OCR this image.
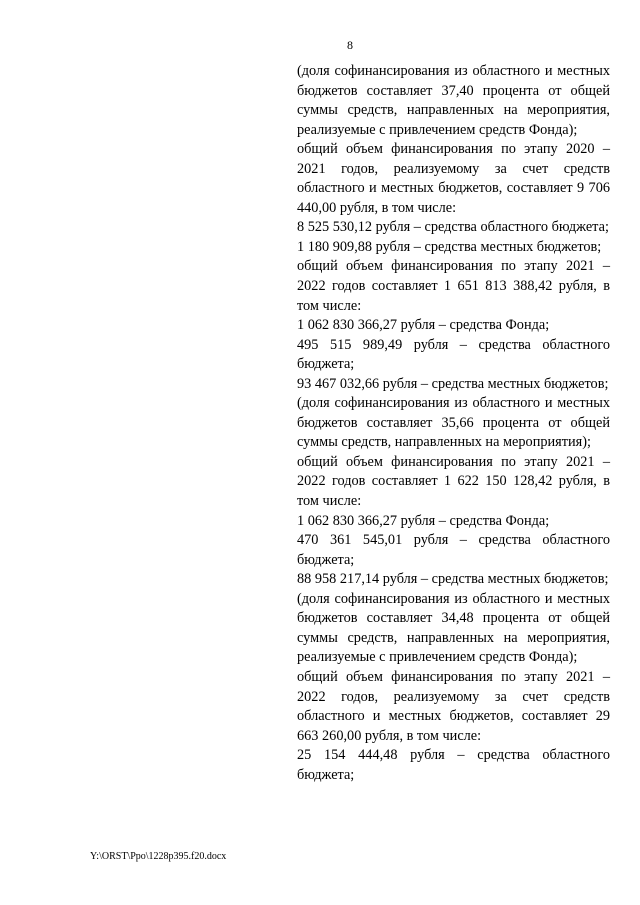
8

(доля софинансирования из областного и местных бюджетов составляет 37,40 процента от общей суммы средств, направленных на мероприятия, реализуемые с привлечением средств Фонда);

общий объем финансирования по этапу 2020 – 2021 годов, реализуемому за счет средств областного и местных бюджетов, составляет 9 706 440,00 рубля, в том числе:

8 525 530,12 рубля – средства областного бюджета;

1 180 909,88 рубля – средства местных бюджетов;

общий объем финансирования по этапу 2021 – 2022 годов составляет 1 651 813 388,42 рубля, в том числе:

1 062 830 366,27 рубля – средства Фонда;

495 515 989,49 рубля – средства областного бюджета;

93 467 032,66 рубля – средства местных бюджетов;

(доля софинансирования из областного и местных бюджетов составляет 35,66 процента от общей суммы средств, направленных на мероприятия);

общий объем финансирования по этапу 2021 – 2022 годов составляет 1 622 150 128,42 рубля, в том числе:

1 062 830 366,27 рубля – средства Фонда;

470 361 545,01 рубля – средства областного бюджета;

88 958 217,14 рубля – средства местных бюджетов;

(доля софинансирования из областного и местных бюджетов составляет 34,48 процента от общей суммы средств, направленных на мероприятия, реализуемые с привлечением средств Фонда);

общий объем финансирования по этапу 2021 – 2022 годов, реализуемому за счет средств областного и местных бюджетов, составляет 29 663 260,00 рубля, в том числе:

25 154 444,48 рубля – средства областного бюджета;

Y:\ORST\Ppo\1228p395.f20.docx
